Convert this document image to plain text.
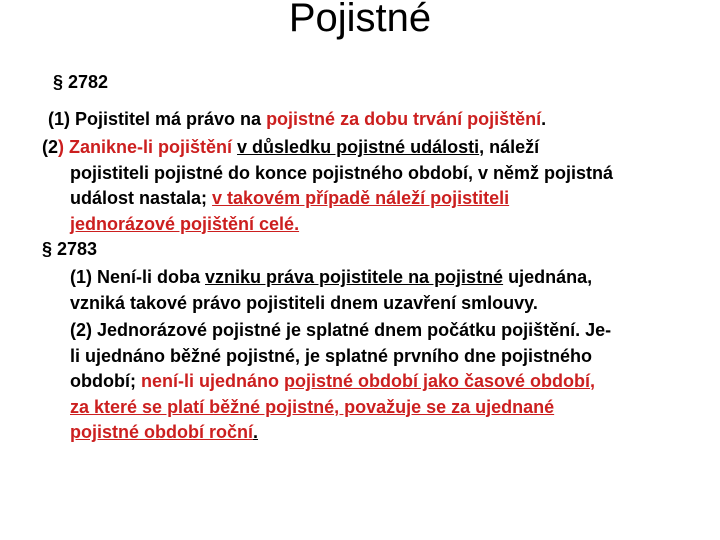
Pojistné
§ 2782
(1) Pojistitel má právo na pojistné za dobu trvání pojištění.
(2) Zanikne-li pojištění v důsledku pojistné události, náleží
pojistiteli pojistné do konce pojistného období, v němž pojistná
událost nastala; v takovém případě náleží pojistiteli
jednorázové pojištění celé.
§ 2783
(1) Není-li doba vzniku práva pojistitele na pojistné ujednána,
vzniká takové právo pojistiteli dnem uzavření smlouvy.
(2) Jednorázové pojistné je splatné dnem počátku pojištění. Je-
li ujednáno běžné pojistné, je splatné prvního dne pojistného
období; není-li ujednáno pojistné období jako časové období,
za které se platí běžné pojistné, považuje se za ujednané
pojistné období roční.
